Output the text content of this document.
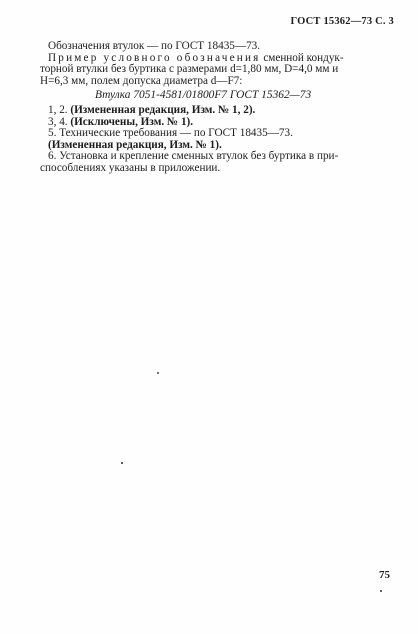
ГОСТ 15362—73 С. 3

Обозначения втулок — по ГОСТ 18435—73.

Пример условного обозначения сменной кондук-

торной втулки без буртика с размерами d=1,80 мм, D=4,0 мм и

H=6,3 мм, полем допуска диаметра d—F7:

Втулка 7051-4581/01800F7 ГОСТ 15362—73

1, 2. (Измененная редакция, Изм. № 1, 2).

3, 4. (Исключены, Изм. № 1).

5. Технические требования — по ГОСТ 18435—73.

(Измененная редакция, Изм. № 1).

6. Установка и крепление сменных втулок без буртика в при-

способлениях указаны в приложении.

75
